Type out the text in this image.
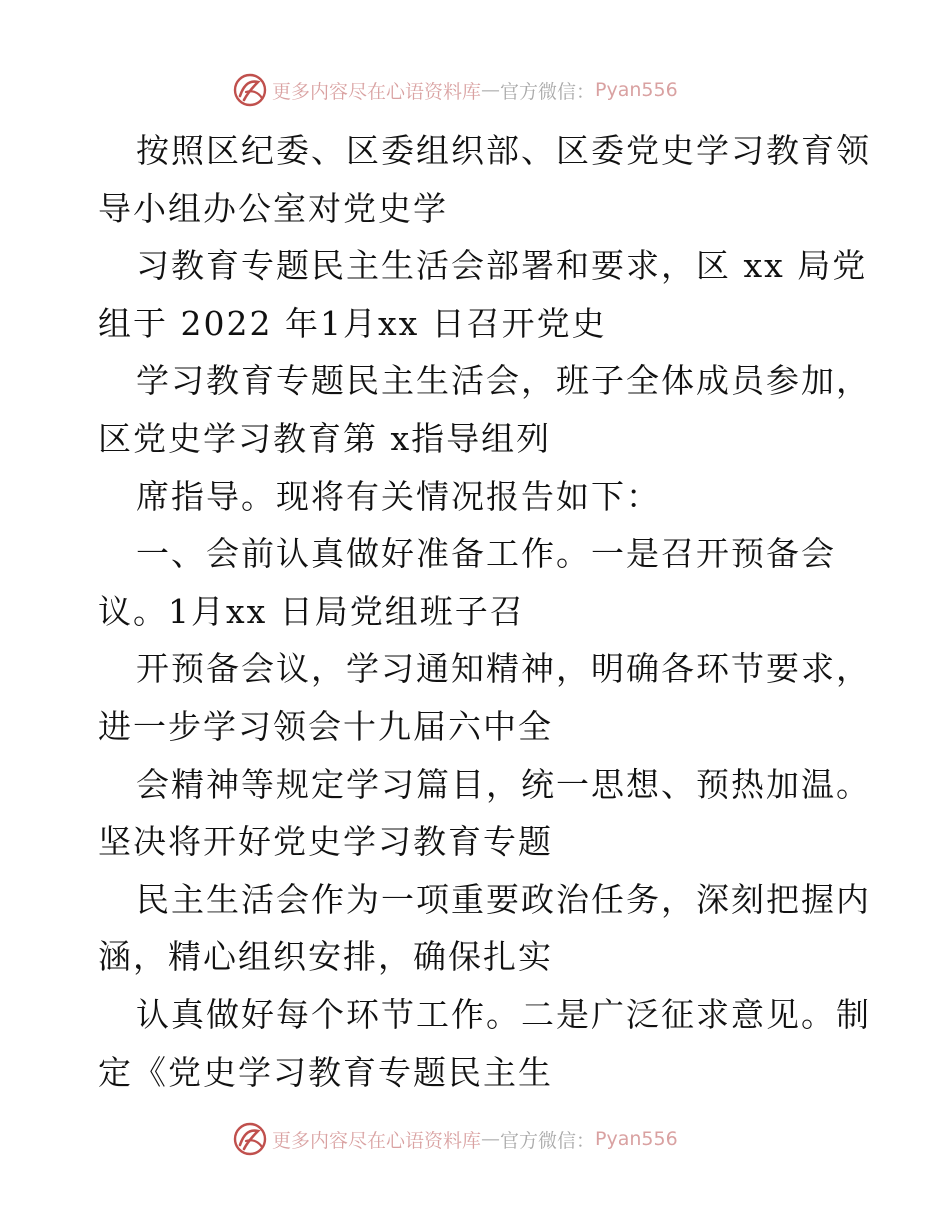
更多内容尽在心语资料库 — 官方微信： Pyan556
按照区纪委、区委组织部、区委党史学习教育领
导小组办公室对党史学
习教育专题民主生活会部署和要求，区 xx 局党
组于 2022 年1月xx 日召开党史
学习教育专题民主生活会，班子全体成员参加，
区党史学习教育第 x指导组列
席指导。现将有关情况报告如下：
一、会前认真做好准备工作。一是召开预备会
议。1月xx 日局党组班子召
开预备会议，学习通知精神，明确各环节要求，
进一步学习领会十九届六中全
会精神等规定学习篇目，统一思想、预热加温。
坚决将开好党史学习教育专题
民主生活会作为一项重要政治任务，深刻把握内
涵，精心组织安排，确保扎实
认真做好每个环节工作。二是广泛征求意见。制
定《党史学习教育专题民主生
更多内容尽在心语资料库 — 官方微信： Pyan556
